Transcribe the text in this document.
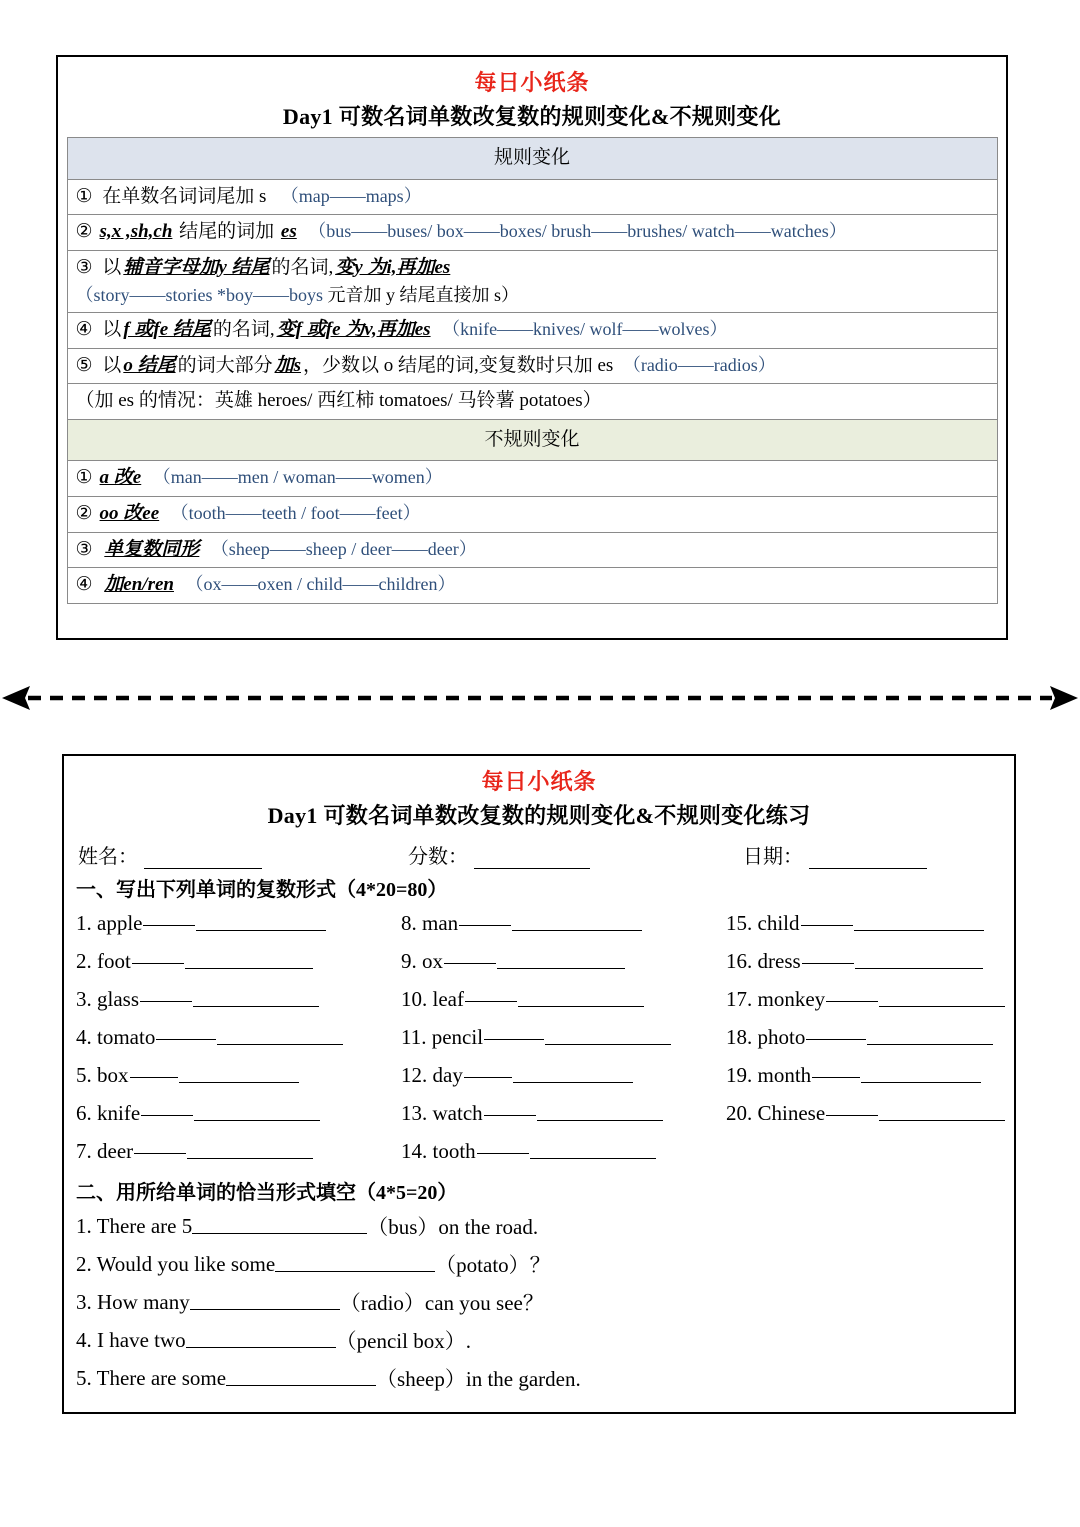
每日小纸条
Day1 可数名词单数改复数的规则变化&不规则变化
规则变化
① 在单数名词词尾加 s （map——maps）
② s,x ,sh,ch 结尾的词加 es （bus——buses/ box——boxes/ brush——brushes/ watch——watches）

③ 以 辅音字母加y 结尾 的名词, 变y 为i,再加es
（story——stories *boy——boys 元音加 y 结尾直接加 s）

④ 以 f 或fe 结尾 的名词, 变f 或fe 为v,再加es （knife——knives/ wolf——wolves）
⑤ 以 o 结尾 的词大部分 加s ，少数以 o 结尾的词,变复数时只加 es （radio——radios）
（加 es 的情况：英雄 heroes/ 西红柿 tomatoes/ 马铃薯 potatoes）
不规则变化
① a 改e （man——men / woman——women）
② oo 改ee （tooth——teeth / foot——feet）
③ 单复数同形 （sheep——sheep / deer——deer）
④ 加en/ren （ox——oxen / child——children）
每日小纸条
Day1 可数名词单数改复数的规则变化&不规则变化练习
姓名：	分数：	日期：
一、写出下列单词的复数形式（4*20=80）
1. apple
2. foot
3. glass
4. tomato
5. box
6. knife
7. deer
8. man
9. ox
10. leaf
11. pencil
12. day
13. watch
14. tooth
15. child
16. dress
17. monkey
18. photo
19. month
20. Chinese
二、用所给单词的恰当形式填空（4*5=20）
1. There are 5	（bus）on the road.
2. Would you like some	（potato）？
3. How many	（radio）can you see？
4. I have two	（pencil box）.
5. There are some	（sheep）in the garden.
